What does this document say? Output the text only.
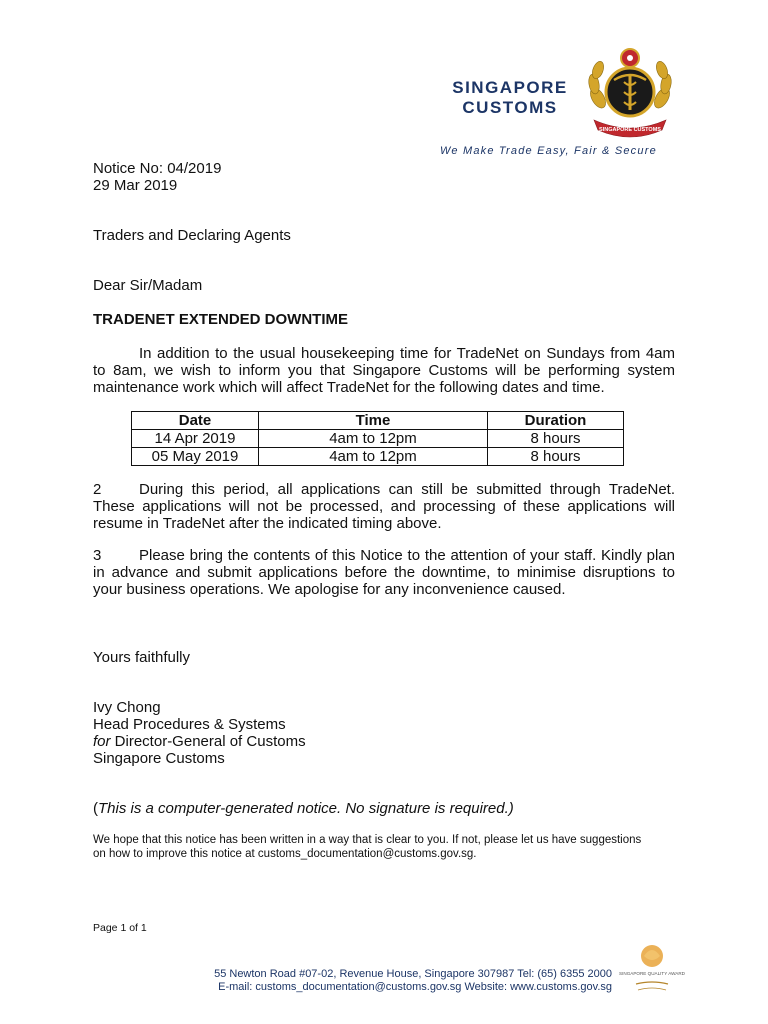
SINGAPORE
CUSTOMS
SINGAPORE CUSTOMS
We Make Trade Easy, Fair & Secure
Notice No: 04/2019
29 Mar 2019
Traders and Declaring Agents
Dear Sir/Madam
TRADENET EXTENDED DOWNTIME
In addition to the usual housekeeping time for TradeNet on Sundays from 4am to 8am, we wish to inform you that Singapore Customs will be performing system maintenance work which will affect TradeNet for the following dates and time.
Date	Time	Duration
14 Apr 2019	4am to 12pm	8 hours
05 May 2019	4am to 12pm	8 hours
2	During this period, all applications can still be submitted through TradeNet. These applications will not be processed, and processing of these applications will resume in TradeNet after the indicated timing above.
3	Please bring the contents of this Notice to the attention of your staff. Kindly plan in advance and submit applications before the downtime, to minimise disruptions to your business operations. We apologise for any inconvenience caused.
Yours faithfully
Ivy Chong
Head Procedures & Systems
for Director-General of Customs
Singapore Customs
(This is a computer-generated notice. No signature is required.)
We hope that this notice has been written in a way that is clear to you. If not, please let us have suggestions on how to improve this notice at customs_documentation@customs.gov.sg.
Page 1 of 1
55 Newton Road #07-02, Revenue House, Singapore 307987 Tel: (65) 6355 2000
E-mail: customs_documentation@customs.gov.sg Website: www.customs.gov.sg
SINGAPORE QUALITY AWARD
